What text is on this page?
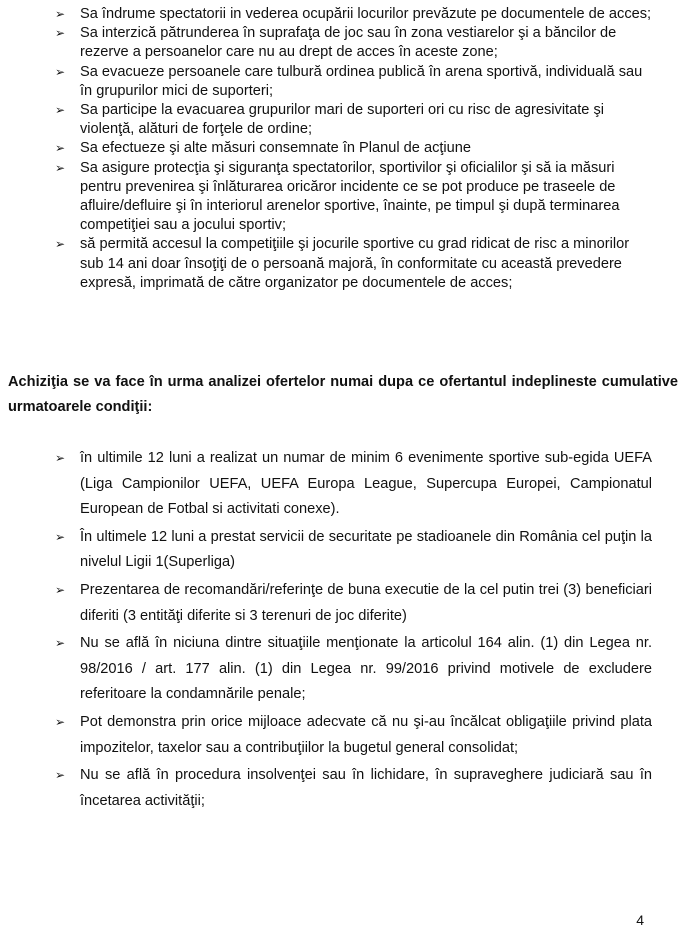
➢ Sa îndrume spectatorii in vederea ocupării locurilor prevăzute pe documentele de acces;
➢ Sa interzică pătrunderea în suprafaţa de joc sau în zona vestiarelor şi a băncilor de rezerve a persoanelor care nu au drept de acces în aceste zone;
➢ Sa evacueze persoanele care tulbură ordinea publică în arena sportivă, individuală sau în grupurilor mici de suporteri;
➢ Sa participe la evacuarea grupurilor mari de suporteri ori cu risc de agresivitate şi violenţă, alături de forţele de ordine;
➢ Sa efectueze şi alte măsuri consemnate în Planul de acţiune
➢ Sa asigure protecţia şi siguranţa spectatorilor, sportivilor şi oficialilor şi să ia măsuri pentru prevenirea şi înlăturarea oricăror incidente ce se pot produce pe traseele de afluire/defluire şi în interiorul arenelor sportive, înainte, pe timpul şi după terminarea competiţiei sau a jocului sportiv;
➢ să permită accesul la competiţiile şi jocurile sportive cu grad ridicat de risc a minorilor sub 14 ani doar însoţiţi de o persoană majoră, în conformitate cu această prevedere expresă, imprimată de către organizator pe documentele de acces;
Achiziţia se va face în urma analizei ofertelor numai dupa ce ofertantul indeplineste cumulative urmatoarele condiţii:
➢ în ultimile 12 luni a realizat un numar de minim 6 evenimente sportive sub-egida UEFA (Liga Campionilor UEFA, UEFA Europa League, Supercupa Europei, Campionatul European de Fotbal si activitati conexe).
➢ În ultimele 12 luni a prestat servicii de securitate pe stadioanele din România cel puţin la nivelul Ligii 1(Superliga)
➢ Prezentarea de recomandări/referinţe de buna executie de la cel putin trei (3) beneficiari diferiti (3 entităţi diferite si 3 terenuri de joc diferite)
➢ Nu se află în niciuna dintre situaţiile menţionate la articolul 164 alin. (1) din Legea nr. 98/2016 / art. 177 alin. (1) din Legea nr. 99/2016 privind motivele de excludere referitoare la condamnările penale;
➢ Pot demonstra prin orice mijloace adecvate că nu şi-au încălcat obligaţiile privind plata impozitelor, taxelor sau a contribuţiilor la bugetul general consolidat;
➢ Nu se află în procedura insolvenţei sau în lichidare, în supraveghere judiciară sau în încetarea activităţii;
4
